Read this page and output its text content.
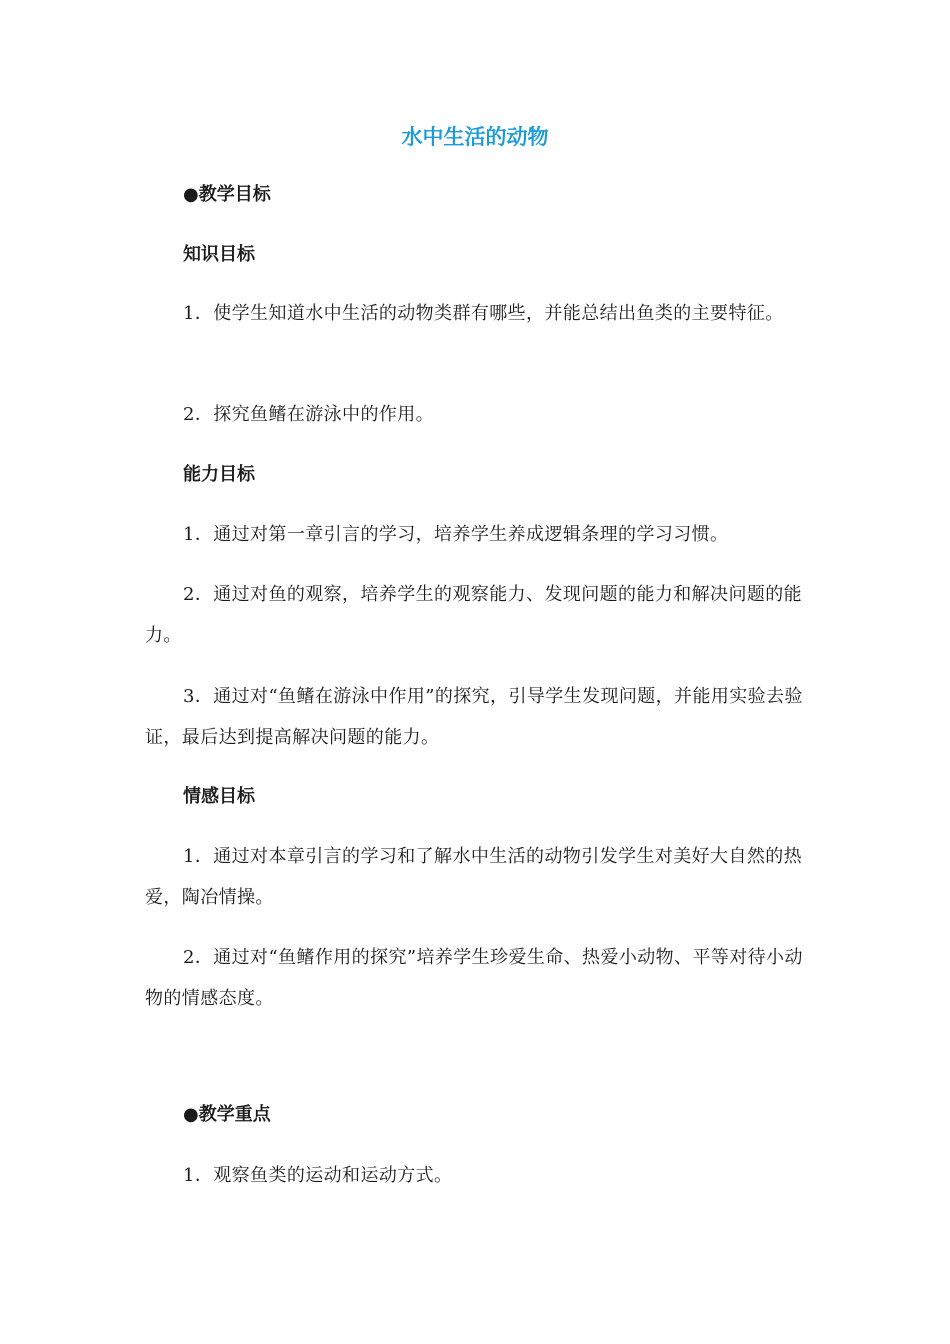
水中生活的动物
●教学目标
知识目标
1．使学生知道水中生活的动物类群有哪些，并能总结出鱼类的主要特征。
2．探究鱼鳍在游泳中的作用。
能力目标
1．通过对第一章引言的学习，培养学生养成逻辑条理的学习习惯。
2．通过对鱼的观察，培养学生的观察能力、发现问题的能力和解决问题的能力。
3．通过对“鱼鳍在游泳中作用”的探究，引导学生发现问题，并能用实验去验证，最后达到提高解决问题的能力。
情感目标
1．通过对本章引言的学习和了解水中生活的动物引发学生对美好大自然的热爱，陶冶情操。
2．通过对“鱼鳍作用的探究”培养学生珍爱生命、热爱小动物、平等对待小动物的情感态度。
●教学重点
1．观察鱼类的运动和运动方式。
